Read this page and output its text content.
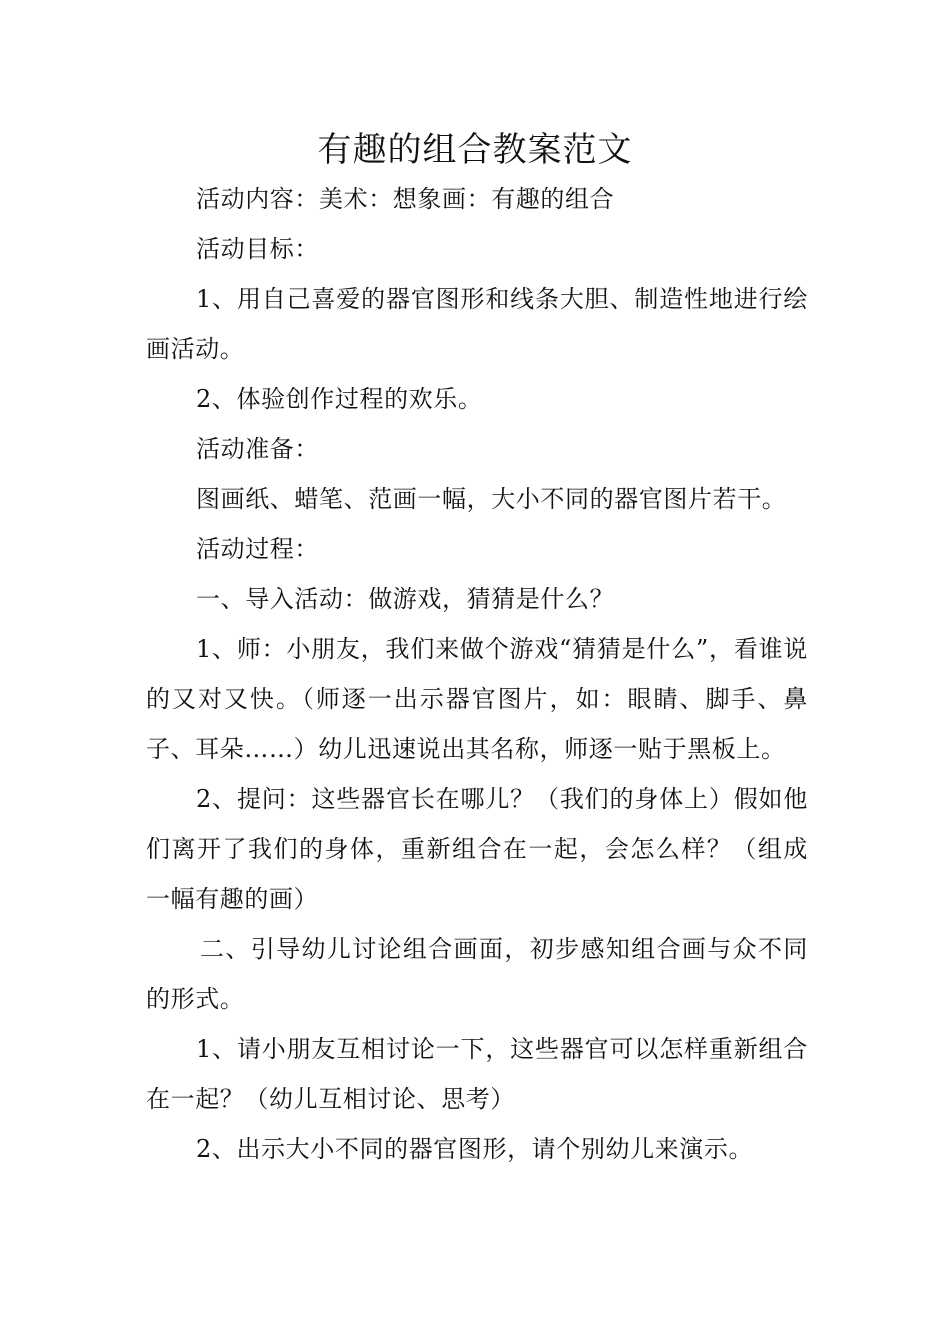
有趣的组合教案范文

活动内容：美术：想象画：有趣的组合

活动目标：

1、用自己喜爱的器官图形和线条大胆、制造性地进行绘画活动。

2、体验创作过程的欢乐。

活动准备：

图画纸、蜡笔、范画一幅，大小不同的器官图片若干。

活动过程：

一、导入活动：做游戏，猜猜是什么？

1、师：小朋友，我们来做个游戏“猜猜是什么”，看谁说的又对又快。（师逐一出示器官图片，如：眼睛、脚手、鼻子、耳朵……）幼儿迅速说出其名称，师逐一贴于黑板上。

2、提问：这些器官长在哪儿？（我们的身体上）假如他们离开了我们的身体，重新组合在一起，会怎么样？（组成一幅有趣的画）

二、引导幼儿讨论组合画面，初步感知组合画与众不同的形式。

1、请小朋友互相讨论一下，这些器官可以怎样重新组合在一起？（幼儿互相讨论、思考）

2、出示大小不同的器官图形，请个别幼儿来演示。
